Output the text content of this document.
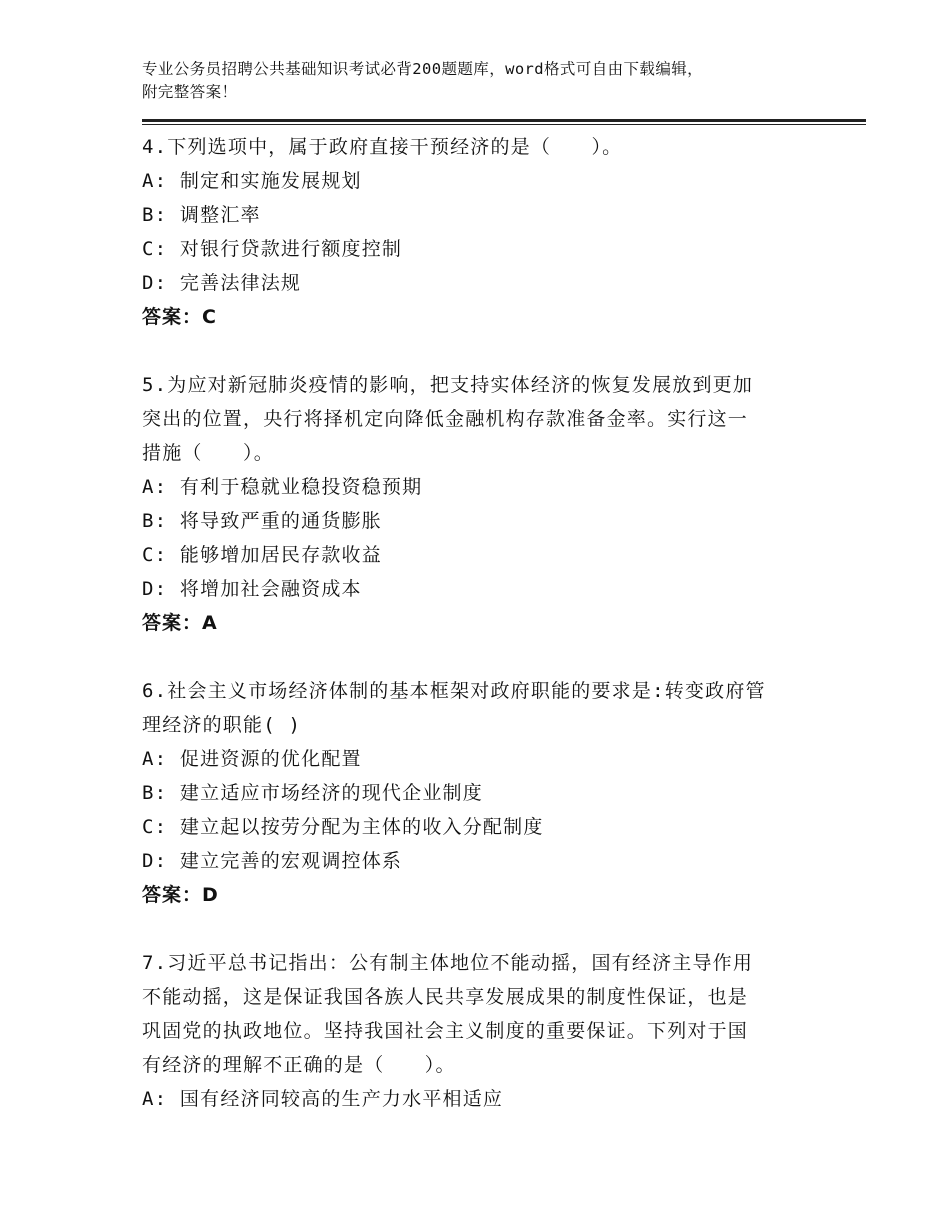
专业公务员招聘公共基础知识考试必背200题题库，word格式可自由下载编辑，
附完整答案！
4.下列选项中，属于政府直接干预经济的是（　　）。
A: 制定和实施发展规划
B: 调整汇率
C: 对银行贷款进行额度控制
D: 完善法律法规
答案：C
5.为应对新冠肺炎疫情的影响，把支持实体经济的恢复发展放到更加
突出的位置，央行将择机定向降低金融机构存款准备金率。实行这一
措施（　　）。
A: 有利于稳就业稳投资稳预期
B: 将导致严重的通货膨胀
C: 能够增加居民存款收益
D: 将增加社会融资成本
答案：A
6.社会主义市场经济体制的基本框架对政府职能的要求是:转变政府管
理经济的职能( )
A: 促进资源的优化配置
B: 建立适应市场经济的现代企业制度
C: 建立起以按劳分配为主体的收入分配制度
D: 建立完善的宏观调控体系
答案：D
7.习近平总书记指出：公有制主体地位不能动摇，国有经济主导作用
不能动摇，这是保证我国各族人民共享发展成果的制度性保证，也是
巩固党的执政地位。坚持我国社会主义制度的重要保证。下列对于国
有经济的理解不正确的是（　　）。
A: 国有经济同较高的生产力水平相适应
